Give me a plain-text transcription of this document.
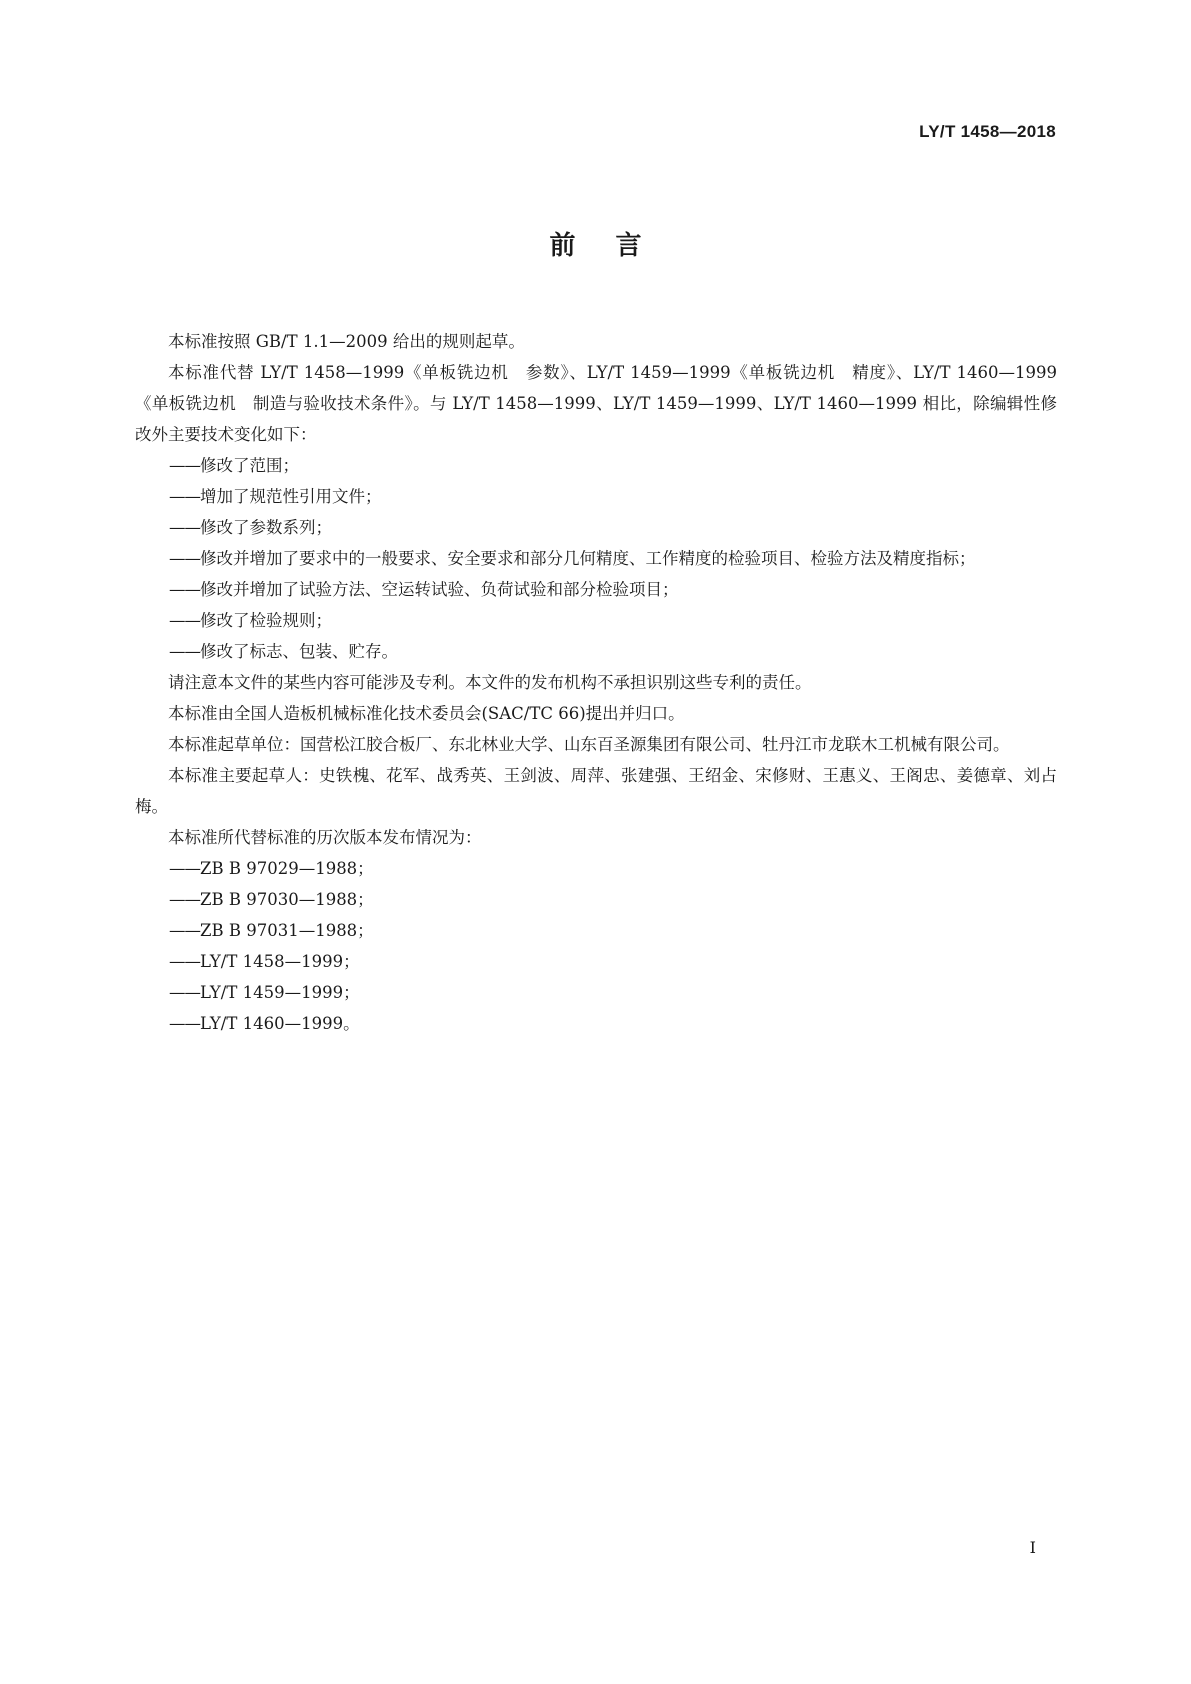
LY/T 1458—2018
前言

本标准按照 GB/T 1.1—2009 给出的规则起草。

本标准代替 LY/T 1458—1999《单板铣边机　参数》、LY/T 1459—1999《单板铣边机　精度》、LY/T 1460—1999《单板铣边机　制造与验收技术条件》。与 LY/T 1458—1999、LY/T 1459—1999、LY/T 1460—1999 相比，除编辑性修改外主要技术变化如下：

——修改了范围；

——增加了规范性引用文件；

——修改了参数系列；

——修改并增加了要求中的一般要求、安全要求和部分几何精度、工作精度的检验项目、检验方法及精度指标；

——修改并增加了试验方法、空运转试验、负荷试验和部分检验项目；

——修改了检验规则；

——修改了标志、包装、贮存。

请注意本文件的某些内容可能涉及专利。本文件的发布机构不承担识别这些专利的责任。

本标准由全国人造板机械标准化技术委员会(SAC/TC 66)提出并归口。

本标准起草单位：国营松江胶合板厂、东北林业大学、山东百圣源集团有限公司、牡丹江市龙联木工机械有限公司。

本标准主要起草人：史铁槐、花军、战秀英、王剑波、周萍、张建强、王绍金、宋修财、王惠义、王阁忠、姜德章、刘占梅。

本标准所代替标准的历次版本发布情况为：

——ZB B 97029—1988；

——ZB B 97030—1988；

——ZB B 97031—1988；

——LY/T 1458—1999；

——LY/T 1459—1999；

——LY/T 1460—1999。

I
